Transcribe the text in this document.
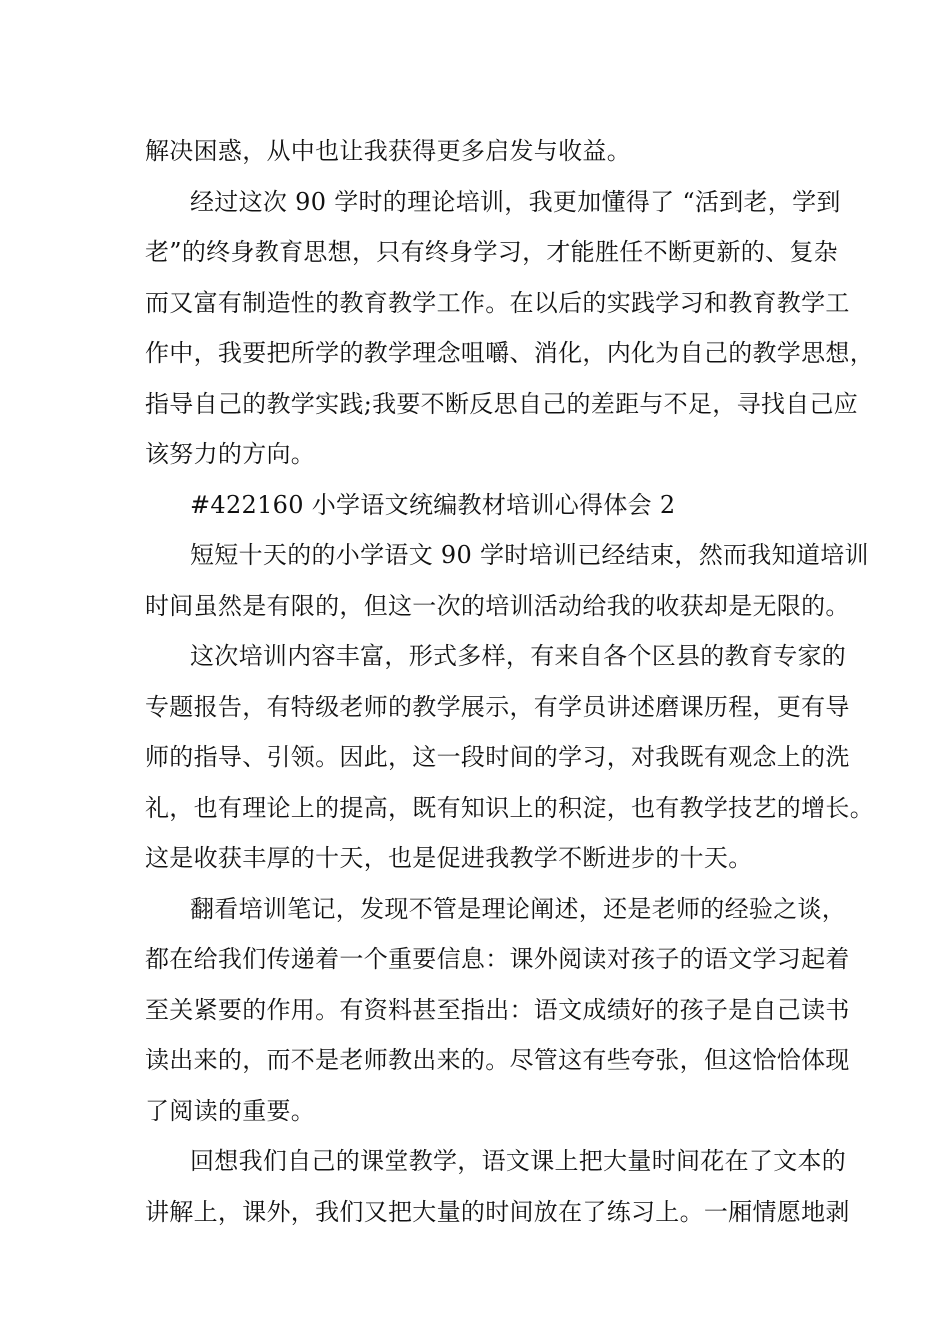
解决困惑，从中也让我获得更多启发与收益。
经过这次 90 学时的理论培训，我更加懂得了 “活到老，学到
老”的终身教育思想，只有终身学习，才能胜任不断更新的、复杂
而又富有制造性的教育教学工作。在以后的实践学习和教育教学工
作中，我要把所学的教学理念咀嚼、消化，内化为自己的教学思想，
指导自己的教学实践;我要不断反思自己的差距与不足，寻找自己应
该努力的方向。
#422160 小学语文统编教材培训心得体会 2
短短十天的的小学语文 90 学时培训已经结束，然而我知道培训
时间虽然是有限的，但这一次的培训活动给我的收获却是无限的。
这次培训内容丰富，形式多样，有来自各个区县的教育专家的
专题报告，有特级老师的教学展示，有学员讲述磨课历程，更有导
师的指导、引领。因此，这一段时间的学习，对我既有观念上的洗
礼，也有理论上的提高，既有知识上的积淀，也有教学技艺的增长。
这是收获丰厚的十天，也是促进我教学不断进步的十天。
翻看培训笔记，发现不管是理论阐述，还是老师的经验之谈，
都在给我们传递着一个重要信息：课外阅读对孩子的语文学习起着
至关紧要的作用。有资料甚至指出：语文成绩好的孩子是自己读书
读出来的，而不是老师教出来的。尽管这有些夸张，但这恰恰体现
了阅读的重要。
回想我们自己的课堂教学，语文课上把大量时间花在了文本的
讲解上，课外，我们又把大量的时间放在了练习上。一厢情愿地剥
